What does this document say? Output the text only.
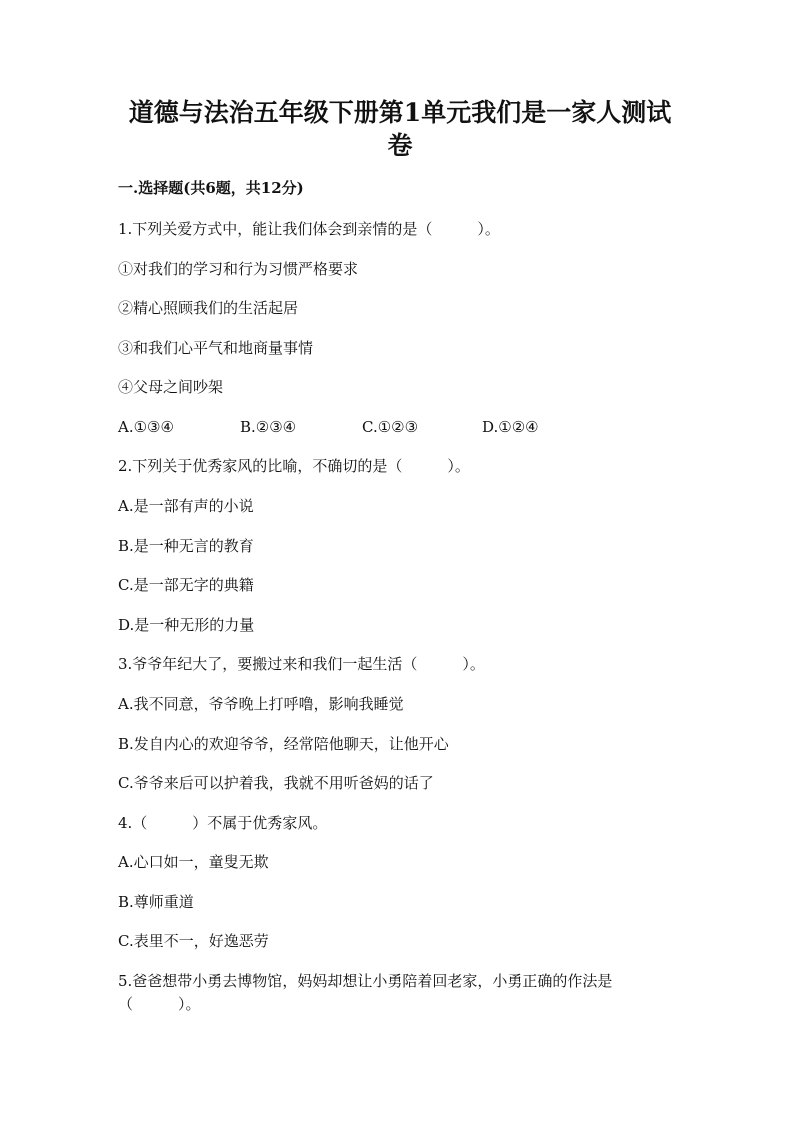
道德与法治五年级下册第1单元我们是一家人测试
卷

一.选择题(共6题，共12分)

1.下列关爱方式中，能让我们体会到亲情的是（　　　）。

①对我们的学习和行为习惯严格要求

②精心照顾我们的生活起居

③和我们心平气和地商量事情

④父母之间吵架

A.①③④	B.②③④	C.①②③	D.①②④

2.下列关于优秀家风的比喻，不确切的是（　　　）。

A.是一部有声的小说

B.是一种无言的教育

C.是一部无字的典籍

D.是一种无形的力量

3.爷爷年纪大了，要搬过来和我们一起生活（　　　）。

A.我不同意，爷爷晚上打呼噜，影响我睡觉

B.发自内心的欢迎爷爷，经常陪他聊天，让他开心

C.爷爷来后可以护着我，我就不用听爸妈的话了

4.（　　　）不属于优秀家风。

A.心口如一，童叟无欺

B.尊师重道

C.表里不一，好逸恶劳

5.爸爸想带小勇去博物馆，妈妈却想让小勇陪着回老家，小勇正确的作法是

（　　　）。
